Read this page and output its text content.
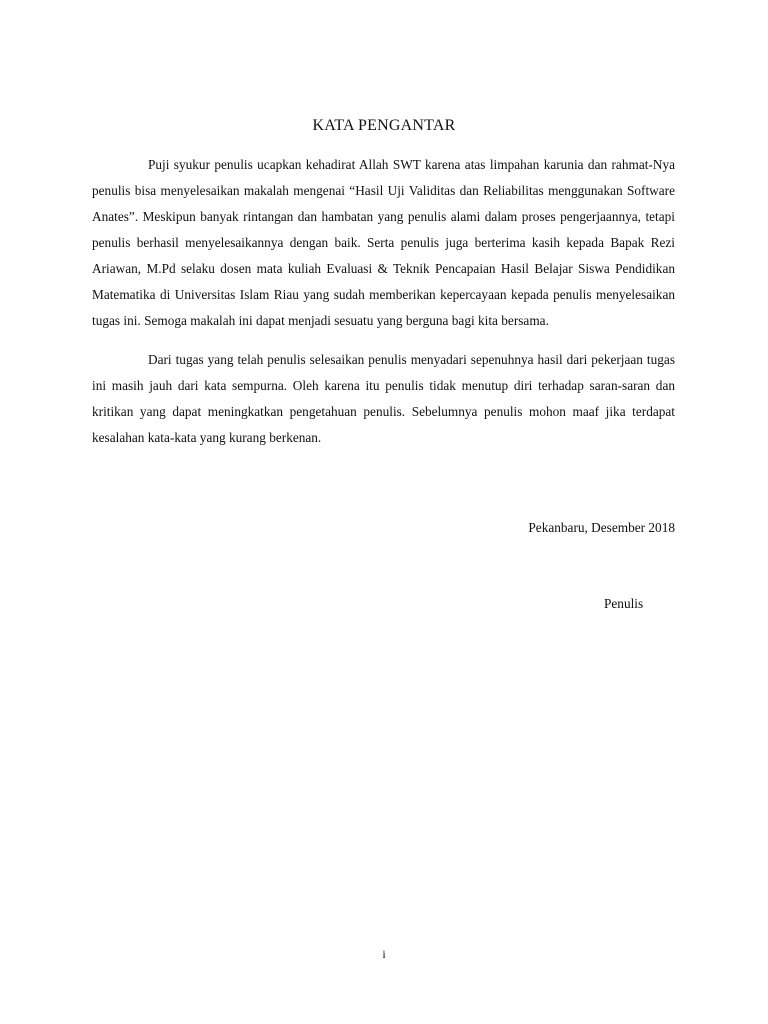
KATA PENGANTAR

Puji syukur penulis ucapkan kehadirat Allah SWT karena atas limpahan karunia dan rahmat-Nya penulis bisa menyelesaikan makalah mengenai “Hasil Uji Validitas dan Reliabilitas menggunakan Software Anates”. Meskipun banyak rintangan dan hambatan yang penulis alami dalam proses pengerjaannya, tetapi penulis berhasil menyelesaikannya dengan baik. Serta penulis juga berterima kasih kepada Bapak Rezi Ariawan, M.Pd selaku dosen mata kuliah Evaluasi & Teknik Pencapaian Hasil Belajar Siswa Pendidikan Matematika di Universitas Islam Riau yang sudah memberikan kepercayaan kepada penulis menyelesaikan tugas ini. Semoga makalah ini dapat menjadi sesuatu yang berguna bagi kita bersama.

Dari tugas yang telah penulis selesaikan penulis menyadari sepenuhnya hasil dari pekerjaan tugas ini masih jauh dari kata sempurna. Oleh karena itu penulis tidak menutup diri terhadap saran-saran dan kritikan yang dapat meningkatkan pengetahuan penulis. Sebelumnya penulis mohon maaf jika terdapat kesalahan kata-kata yang kurang berkenan.

Pekanbaru, Desember 2018
Penulis
i
